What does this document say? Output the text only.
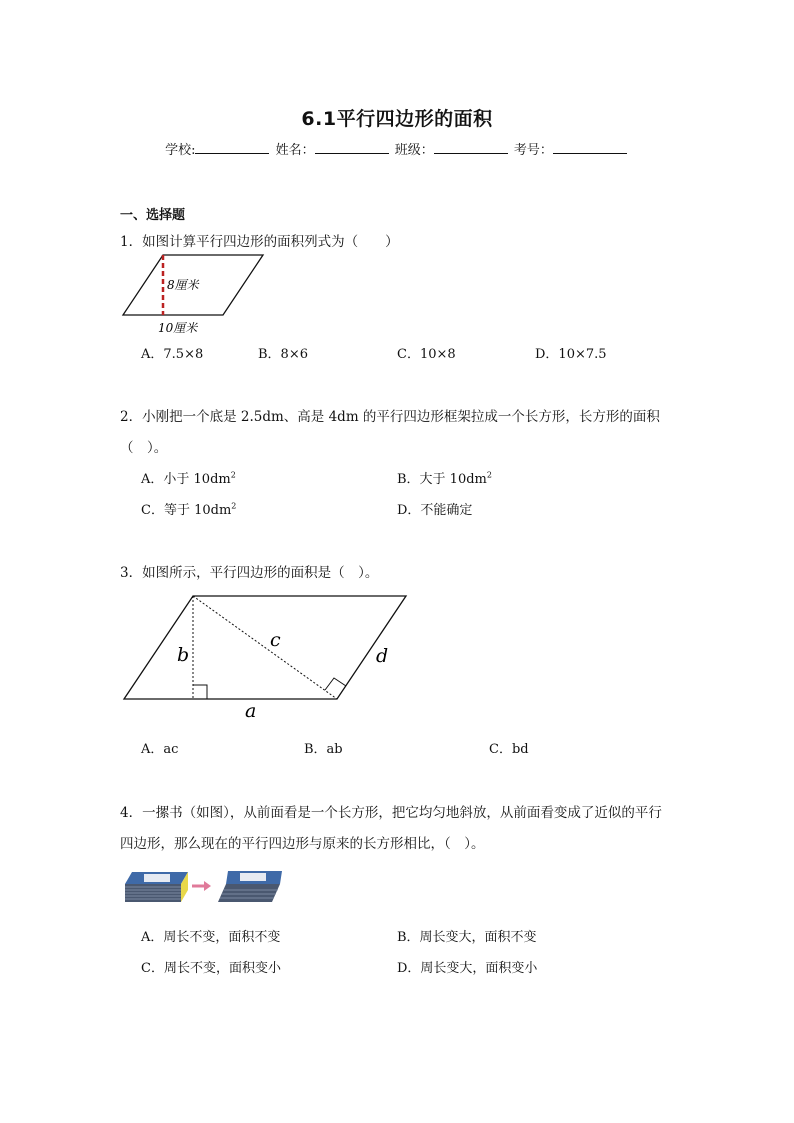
6.1平行四边形的面积
学校:	姓名：	班级：	考号：
一、选择题
1．如图计算平行四边形的面积列式为（　　）
8厘米
10厘米
A．7.5×8	B．8×6	C．10×8	D．10×7.5
2．小刚把一个底是 2.5dm、高是 4dm 的平行四边形框架拉成一个长方形，长方形的面积
（　）。
A．小于 $10dm^2$	B．大于 $10dm^2$
C．等于 $10dm^2$	D．不能确定
3．如图所示，平行四边形的面积是（　）。
b
c
d
a
A．ac	B．ab	C．bd
4．一摞书（如图），从前面看是一个长方形，把它均匀地斜放，从前面看变成了近似的平行
四边形，那么现在的平行四边形与原来的长方形相比，（　）。
A．周长不变，面积不变	B．周长变大，面积不变
C．周长不变，面积变小	D．周长变大，面积变小
